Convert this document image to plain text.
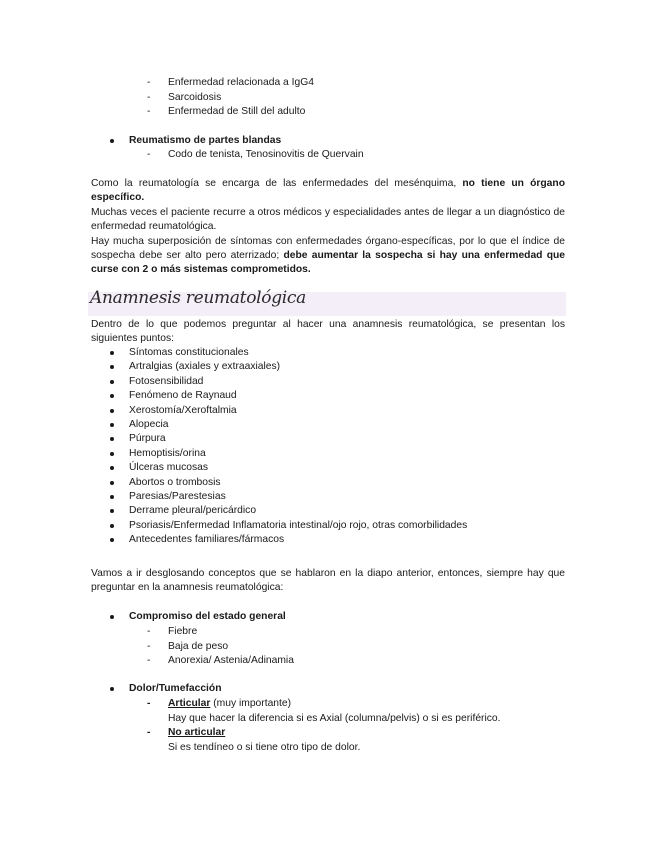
-	Enfermedad relacionada a IgG4
-	Sarcoidosis
-	Enfermedad de Still del adulto
Reumatismo de partes blandas
-	Codo de tenista, Tenosinovitis de Quervain

Como la reumatología se encarga de las enfermedades del mesénquima, no tiene un órgano específico.

Muchas veces el paciente recurre a otros médicos y especialidades antes de llegar a un diagnóstico de enfermedad reumatológica.

Hay mucha superposición de síntomas con enfermedades órgano-específicas, por lo que el índice de sospecha debe ser alto pero aterrizado; debe aumentar la sospecha si hay una enfermedad que curse con 2 o más sistemas comprometidos.

Anamnesis reumatológica
Dentro de lo que podemos preguntar al hacer una anamnesis reumatológica, se presentan los siguientes puntos:
Síntomas constitucionales
Artralgias (axiales y extraaxiales)
Fotosensibilidad
Fenómeno de Raynaud
Xerostomía/Xeroftalmia
Alopecia
Púrpura
Hemoptisis/orina
Úlceras mucosas
Abortos o trombosis
Paresias/Parestesias
Derrame pleural/pericárdico
Psoriasis/Enfermedad Inflamatoria intestinal/ojo rojo, otras comorbilidades
Antecedentes familiares/fármacos
Vamos a ir desglosando conceptos que se hablaron en la diapo anterior, entonces, siempre hay que preguntar en la anamnesis reumatológica:
Compromiso del estado general
-	Fiebre
-	Baja de peso
-	Anorexia/ Astenia/Adinamia
Dolor/Tumefacción
-	Articular (muy importante)
Hay que hacer la diferencia si es Axial (columna/pelvis) o si es periférico.
-	No articular
Si es tendíneo o si tiene otro tipo de dolor.
